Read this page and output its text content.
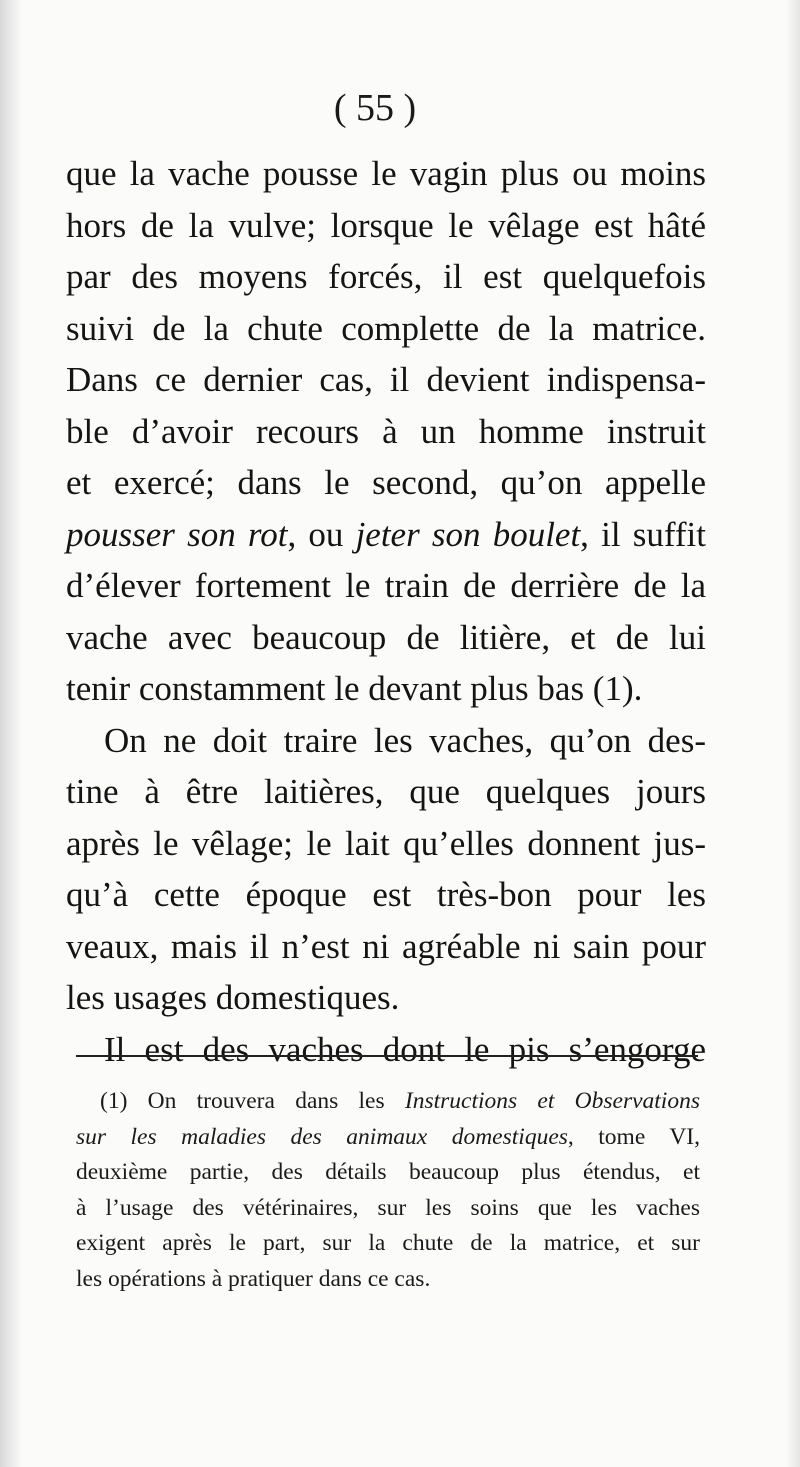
( 55 )
que la vache pousse le vagin plus ou moins
hors de la vulve; lorsque le vêlage est hâté
par des moyens forcés, il est quelquefois
suivi de la chute complette de la matrice.
Dans ce dernier cas, il devient indispensa-
ble d’avoir recours à un homme instruit
et exercé; dans le second, qu’on appelle
pousser son rot, ou jeter son boulet, il suffit
d’élever fortement le train de derrière de la
vache avec beaucoup de litière, et de lui
tenir constamment le devant plus bas (1).
On ne doit traire les vaches, qu’on des-
tine à être laitières, que quelques jours
après le vêlage; le lait qu’elles donnent jus-
qu’à cette époque est très-bon pour les
veaux, mais il n’est ni agréable ni sain pour
les usages domestiques.
Il est des vaches dont le pis s’engorge
(1) On trouvera dans les Instructions et Observations
sur les maladies des animaux domestiques, tome VI,
deuxième partie, des détails beaucoup plus étendus, et
à l’usage des vétérinaires, sur les soins que les vaches
exigent après le part, sur la chute de la matrice, et sur
les opérations à pratiquer dans ce cas.
